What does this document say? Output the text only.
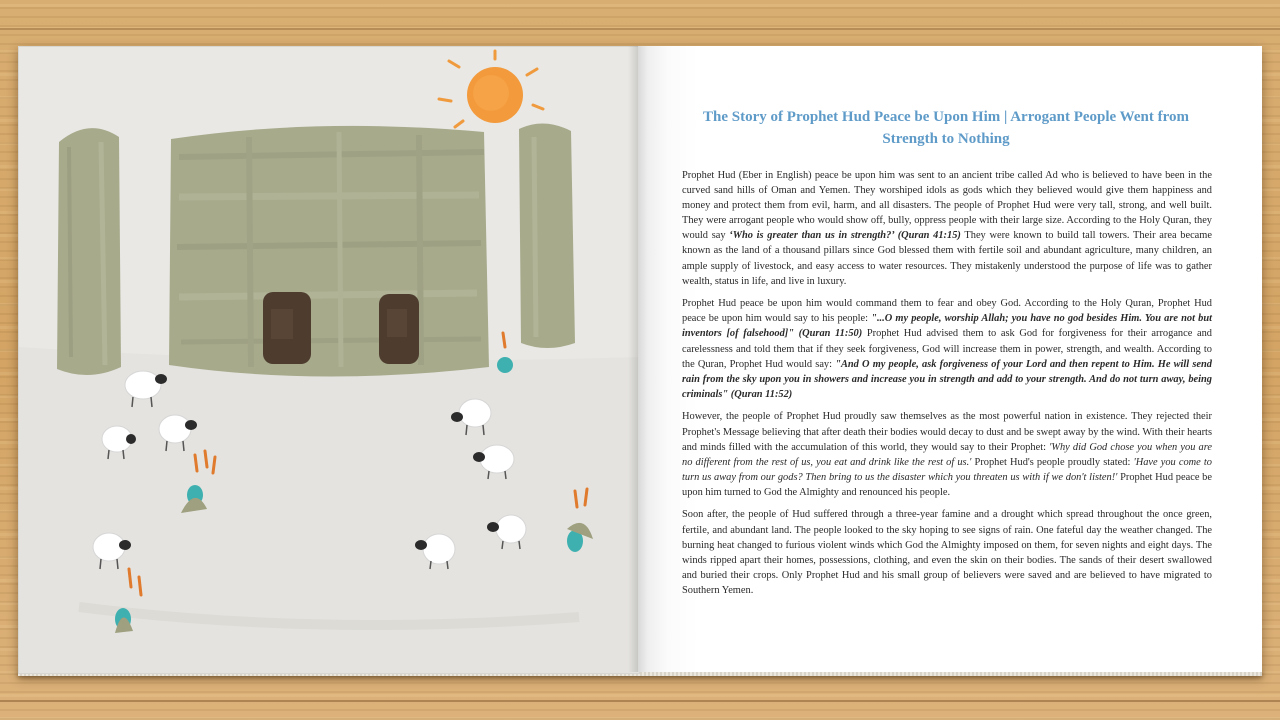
The Story of Prophet Hud Peace be Upon Him | Arrogant People Went from Strength to Nothing

Prophet Hud (Eber in English) peace be upon him was sent to an ancient tribe called Ad who is believed to have been in the curved sand hills of Oman and Yemen. They worshiped idols as gods which they believed would give them happiness and money and protect them from evil, harm, and all disasters. The people of Prophet Hud were very tall, strong, and well built. They were arrogant people who would show off, bully, oppress people with their large size. According to the Holy Quran, they would say ‘Who is greater than us in strength?’ (Quran 41:15) They were known to build tall towers. Their area became known as the land of a thousand pillars since God blessed them with fertile soil and abundant agriculture, many children, an ample supply of livestock, and easy access to water resources. They mistakenly understood the purpose of life was to gather wealth, status in life, and live in luxury.

Prophet Hud peace be upon him would command them to fear and obey God. According to the Holy Quran, Prophet Hud peace be upon him would say to his people: "...O my people, worship Allah; you have no god besides Him. You are not but inventors [of falsehood]" (Quran 11:50) Prophet Hud advised them to ask God for forgiveness for their arrogance and carelessness and told them that if they seek forgiveness, God will increase them in power, strength, and wealth. According to the Quran, Prophet Hud would say: "And O my people, ask forgiveness of your Lord and then repent to Him. He will send rain from the sky upon you in showers and increase you in strength and add to your strength. And do not turn away, being criminals" (Quran 11:52)

However, the people of Prophet Hud proudly saw themselves as the most powerful nation in existence. They rejected their Prophet's Message believing that after death their bodies would decay to dust and be swept away by the wind. With their hearts and minds filled with the accumulation of this world, they would say to their Prophet: 'Why did God chose you when you are no different from the rest of us, you eat and drink like the rest of us.' Prophet Hud's people proudly stated: 'Have you come to turn us away from our gods? Then bring to us the disaster which you threaten us with if we don't listen!' Prophet Hud peace be upon him turned to God the Almighty and renounced his people.

Soon after, the people of Hud suffered through a three-year famine and a drought which spread throughout the once green, fertile, and abundant land. The people looked to the sky hoping to see signs of rain. One fateful day the weather changed. The burning heat changed to furious violent winds which God the Almighty imposed on them, for seven nights and eight days. The winds ripped apart their homes, possessions, clothing, and even the skin on their bodies. The sands of their desert swallowed and buried their crops. Only Prophet Hud and his small group of believers were saved and are believed to have migrated to Southern Yemen.
